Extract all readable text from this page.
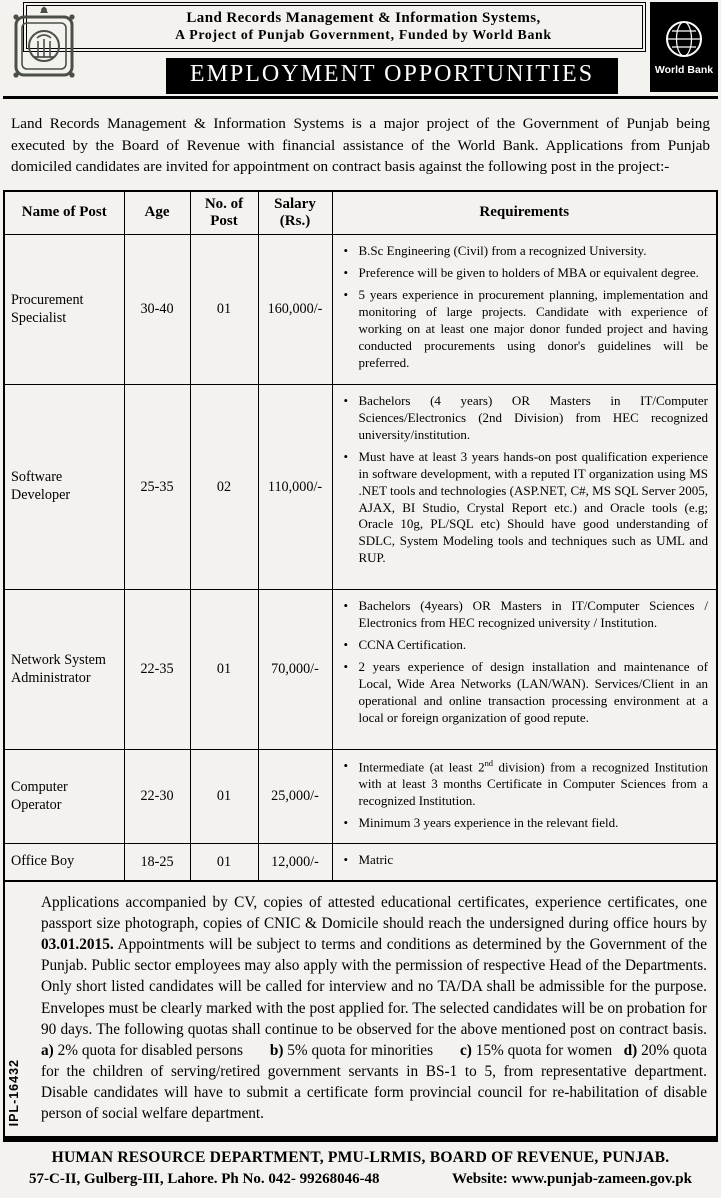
Land Records Management & Information Systems,
A Project of Punjab Government, Funded by World Bank
EMPLOYMENT OPPORTUNITIES	World Bank

Land Records Management & Information Systems is a major project of the Government of Punjab being executed by the Board of Revenue with financial assistance of the World Bank. Applications from Punjab domiciled candidates are invited for appointment on contract basis against the following post in the project:-

Name of Post	Age	No. of Post	Salary (Rs.)	Requirements
Procurement Specialist	30-40	01	160,000/-	
• B.Sc Engineering (Civil) from a recognized University.
• Preference will be given to holders of MBA or equivalent degree.
• 5 years experience in procurement planning, implementation and monitoring of large projects. Candidate with experience of working on at least one major donor funded project and having conducted procurements using donor's guidelines will be preferred.

Software Developer	25-35	02	110,000/-	
• Bachelors (4 years) OR Masters in IT/Computer Sciences/Electronics (2nd Division) from HEC recognized university/institution.
• Must have at least 3 years hands-on post qualification experience in software development, with a reputed IT organization using MS .NET tools and technologies (ASP.NET, C#, MS SQL Server 2005, AJAX, BI Studio, Crystal Report etc.) and Oracle tools (e.g; Oracle 10g, PL/SQL etc) Should have good understanding of SDLC, System Modeling tools and techniques such as UML and RUP.

Network System Administrator	22-35	01	70,000/-	
• Bachelors (4years) OR Masters in IT/Computer Sciences / Electronics from HEC recognized university / Institution.
• CCNA Certification.
• 2 years experience of design installation and maintenance of Local, Wide Area Networks (LAN/WAN). Services/Client in an operational and online transaction processing environment at a local or foreign organization of good repute.

Computer Operator	22-30	01	25,000/-	
• Intermediate (at least 2nd division) from a recognized Institution with at least 3 months Certificate in Computer Sciences from a recognized Institution.
• Minimum 3 years experience in the relevant field.

Office Boy	18-25	01	12,000/-	
•Matric
IPL-16432

Applications accompanied by CV, copies of attested educational certificates, experience certificates, one passport size photograph, copies of CNIC & Domicile should reach the undersigned during office hours by 03.01.2015. Appointments will be subject to terms and conditions as determined by the Government of the Punjab. Public sector employees may also apply with the permission of respective Head of the Departments. Only short listed candidates will be called for interview and no TA/DA shall be admissible for the purpose. Envelopes must be clearly marked with the post applied for. The selected candidates will be on probation for 90 days. The following quotas shall continue to be observed for the above mentioned post on contract basis. a) 2% quota for disabled persons       b) 5% quota for minorities       c) 15% quota for women   d) 20% quota for the children of serving/retired government servants in BS-1 to 5, from representative department. Disable candidates will have to submit a certificate form provincial council for re-habilitation of disable person of social welfare department.

HUMAN RESOURCE DEPARTMENT, PMU-LRMIS, BOARD OF REVENUE, PUNJAB.
57-C-II, Gulberg-III, Lahore. Ph No. 042- 99268046-48	Website: www.punjab-zameen.gov.pk
